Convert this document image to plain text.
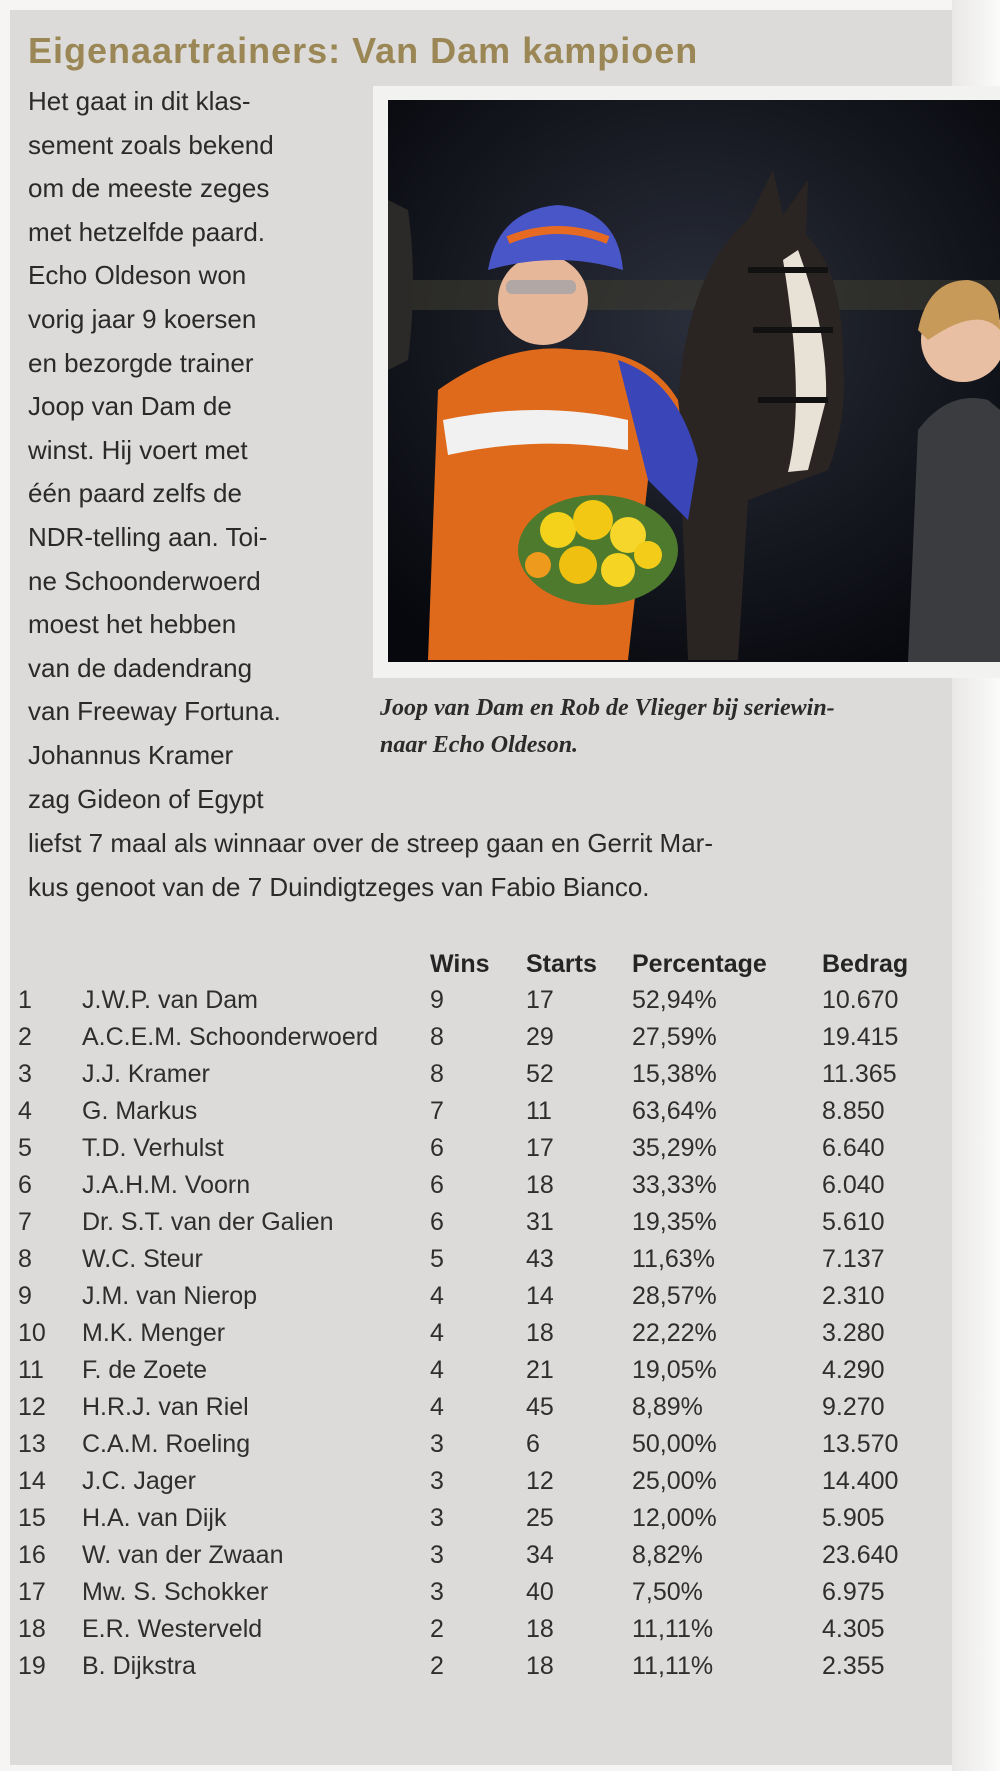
Eigenaartrainers: Van Dam kampioen

Het gaat in dit klas-
sement zoals bekend
om de meeste zeges
met hetzelfde paard.
Echo Oldeson won
vorig jaar 9 koersen
en bezorgde trainer
Joop van Dam de
winst. Hij voert met
één paard zelfs de
NDR-telling aan. Toi-
ne Schoonderwoerd
moest het hebben
van de dadendrang
van Freeway Fortuna.
Johannus Kramer
zag Gideon of Egypt

Joop van Dam en Rob de Vlieger bij seriewin-
naar Echo Oldeson.

liefst 7 maal als winnaar over de streep gaan en Gerrit Mar-
kus genoot van de 7 Duindigtzeges van Fabio Bianco.

		Wins	Starts	Percentage	Bedrag
1	J.W.P. van Dam	9	17	52,94%	10.670
2	A.C.E.M. Schoonderwoerd	8	29	27,59%	19.415
3	J.J. Kramer	8	52	15,38%	11.365
4	G. Markus	7	11	63,64%	8.850
5	T.D. Verhulst	6	17	35,29%	6.640
6	J.A.H.M. Voorn	6	18	33,33%	6.040
7	Dr. S.T. van der Galien	6	31	19,35%	5.610
8	W.C. Steur	5	43	11,63%	7.137
9	J.M. van Nierop	4	14	28,57%	2.310
10	M.K. Menger	4	18	22,22%	3.280
11	F. de Zoete	4	21	19,05%	4.290
12	H.R.J. van Riel	4	45	8,89%	9.270
13	C.A.M. Roeling	3	6	50,00%	13.570
14	J.C. Jager	3	12	25,00%	14.400
15	H.A. van Dijk	3	25	12,00%	5.905
16	W. van der Zwaan	3	34	8,82%	23.640
17	Mw. S. Schokker	3	40	7,50%	6.975
18	E.R. Westerveld	2	18	11,11%	4.305
19	B. Dijkstra	2	18	11,11%	2.355
